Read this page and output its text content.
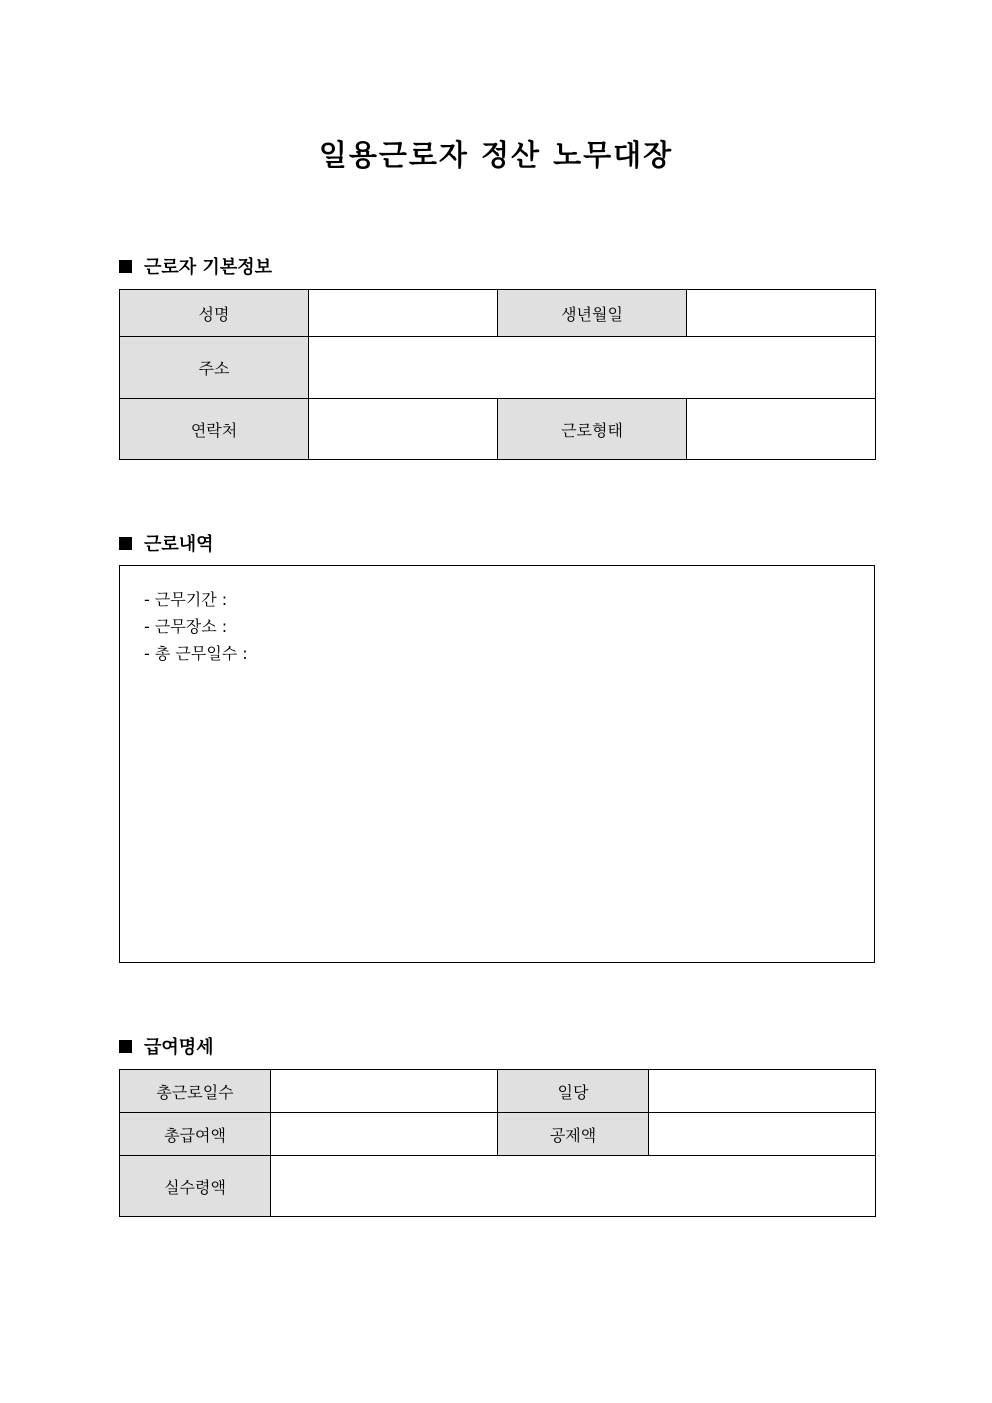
일용근로자 정산 노무대장
근로자 기본정보
성명		생년월일	
주소			
연락처		근로형태	
근로내역
- 근무기간 :
- 근무장소 :
- 총 근무일수 :
급여명세
총근로일수		일당	
총급여액		공제액	
실수령액			
